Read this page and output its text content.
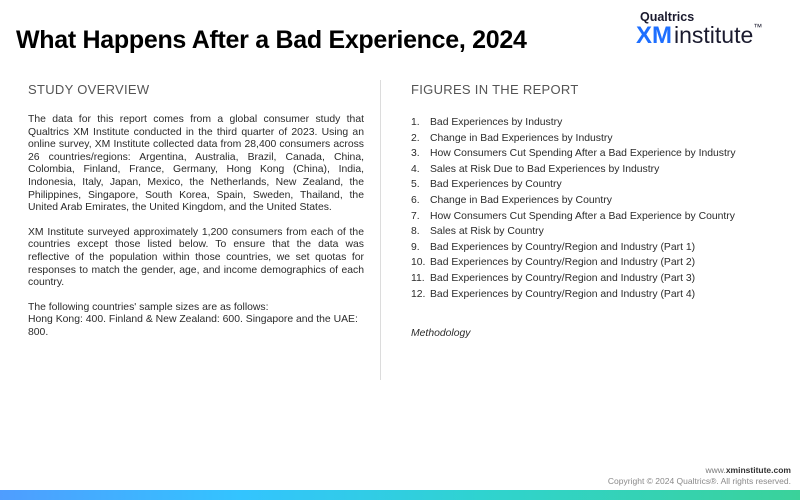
What Happens After a Bad Experience, 2024
Qualtrics
XMinstitute™
STUDY OVERVIEW

The data for this report comes from a global consumer study that Qualtrics XM Institute conducted in the third quarter of 2023. Using an online survey, XM Institute collected data from 28,400 consumers across 26 countries/regions: Argentina, Australia, Brazil, Canada, China, Colombia, Finland, France, Germany, Hong Kong (China), India, Indonesia, Italy, Japan, Mexico, the Netherlands, New Zealand, the Philippines, Singapore, South Korea, Spain, Sweden, Thailand, the United Arab Emirates, the United Kingdom, and the United States.

XM Institute surveyed approximately 1,200 consumers from each of the countries except those listed below. To ensure that the data was reflective of the population within those countries, we set quotas for responses to match the gender, age, and income demographics of each country.

The following countries' sample sizes are as follows:
Hong Kong: 400. Finland & New Zealand: 600. Singapore and the UAE: 800.

FIGURES IN THE REPORT
1. Bad Experiences by Industry
2. Change in Bad Experiences by Industry
3. How Consumers Cut Spending After a Bad Experience by Industry
4. Sales at Risk Due to Bad Experiences by Industry
5. Bad Experiences by Country
6. Change in Bad Experiences by Country
7. How Consumers Cut Spending After a Bad Experience by Country
8. Sales at Risk by Country
9. Bad Experiences by Country/Region and Industry (Part 1)
10. Bad Experiences by Country/Region and Industry (Part 2)
11. Bad Experiences by Country/Region and Industry (Part 3)
12. Bad Experiences by Country/Region and Industry (Part 4)

Methodology

www.xminstitute.com
Copyright © 2024 Qualtrics®. All rights reserved.
